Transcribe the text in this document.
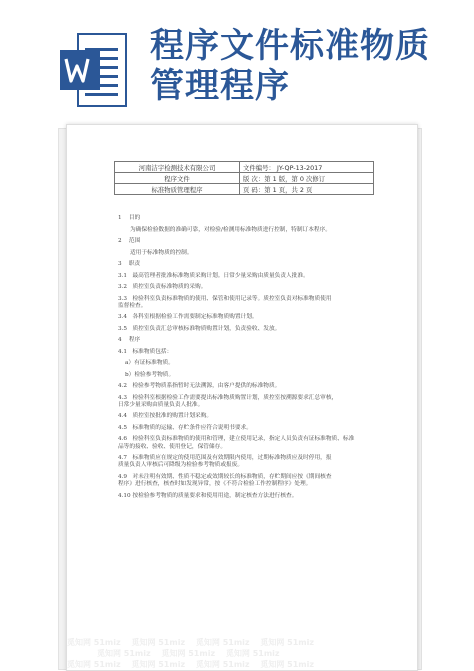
程序文件标准物质
管理程序
河南洁宇检测技术有限公司	文件编号： JY-QP-13-2017
程序文件	版 次：第 1 版，第 0 次修订
标准物质管理程序	页 码：第 1 页，共 2 页
1    目的
为确保检验数据的准确可靠，对检验/检测用标准物质进行控制，特制订本程序。
2    范围
适用于标准物质的控制。
3    职责
3.1   最高管理者批准标准物质采购计划。日常少量采购由质量负责人批准。
3.2   质控室负责标准物质的采购。
3.3   检验科室负责标准物质的使用、保管和使用记录等。质控室负责对标准物质使用
监督检查。
3.4   各科室根据检验工作需要制定标准物质购置计划。
3.5   质控室负责汇总审核标准物质购置计划，负责验收、发放。
4    程序
4.1   标准物质包括：
a）有证标准物质。
b）检验参考物质。
4.2   检验参考物质系指暂时无法溯源，由客户提供的标准物质。
4.3   检验科室根据检验工作需要提出标准物质购置计划，质控室按溯源要求汇总审核，
日常少量采购由质量负责人批准。
4.4   质控室按批准的购置计划采购。
4.5   标准物质的运输、存贮条件应符合说明书要求。
4.6   检验科室负责标准物质的使用和管理，建立使用记录，指定人员负责有证标准物质、标准
品等的接收、验收、使用登记，保管储存。
4.7   标准物质应在规定的使用范围及有效期限内使用，过期标准物质应及时停用，报
质量负责人审核后可降级为检验参考物质或报废。
4.9   对未注明有效期、性质不稳定或效期较长的标准物质，存贮期间应按《期间核查
程序》进行核查，核查时如发现异常，按《不符合检验工作控制程序》处理。
4.10 按检验参考物质的质量要求和使用用途，制定核查方法进行核查。
觅知网 51miz  觅知网 51miz  觅知网 51miz  觅知网 51miz
觅知网 51miz  觅知网 51miz  觅知网 51miz
觅知网 51miz  觅知网 51miz  觅知网 51miz  觅知网 51miz
